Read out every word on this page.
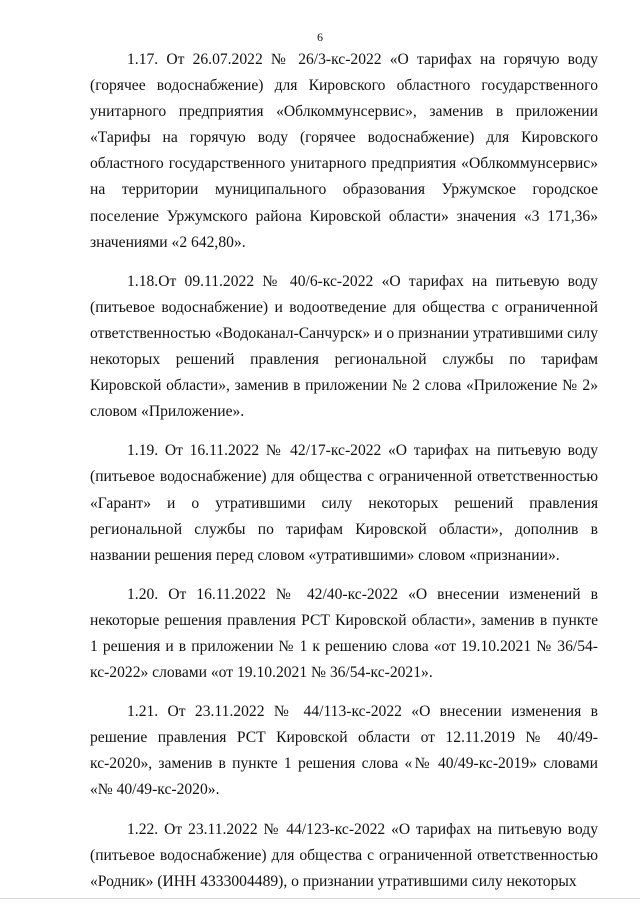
6

1.17. От 26.07.2022 № 26/3-кс-2022 «О тарифах на горячую воду (горячее водоснабжение) для Кировского областного государственного унитарного предприятия «Облкоммунсервис», заменив в приложении «Тарифы на горячую воду (горячее водоснабжение) для Кировского областного государственного унитарного предприятия «Облкоммунсервис» на территории муниципального образования Уржумское городское поселение Уржумского района Кировской области» значения «3 171,36» значениями «2 642,80».

1.18.От 09.11.2022 № 40/6-кс-2022 «О тарифах на питьевую воду (питьевое водоснабжение) и водоотведение для общества с ограниченной ответственностью «Водоканал-Санчурск» и о признании утратившими силу некоторых решений правления региональной службы по тарифам Кировской области», заменив в приложении № 2 слова «Приложение № 2» словом «Приложение».

1.19. От 16.11.2022 № 42/17-кс-2022 «О тарифах на питьевую воду (питьевое водоснабжение) для общества с ограниченной ответственностью «Гарант» и о утратившими силу некоторых решений правления региональной службы по тарифам Кировской области», дополнив в названии решения перед словом «утратившими» словом «признании».

1.20. От 16.11.2022 № 42/40-кс-2022 «О внесении изменений в некоторые решения правления РСТ Кировской области», заменив в пункте 1 решения и в приложении № 1 к решению слова «от 19.10.2021 № 36/54-кс-2022» словами «от 19.10.2021 № 36/54-кс-2021».

1.21. От 23.11.2022 № 44/113-кс-2022 «О внесении изменения в решение правления РСТ Кировской области от 12.11.2019 № 40/49-кс-2020», заменив в пункте 1 решения слова «№ 40/49-кс-2019» словами «№ 40/49-кс-2020».

1.22. От 23.11.2022 № 44/123-кс-2022 «О тарифах на питьевую воду (питьевое водоснабжение) для общества с ограниченной ответственностью «Родник» (ИНН 4333004489), о признании утратившими силу некоторых
